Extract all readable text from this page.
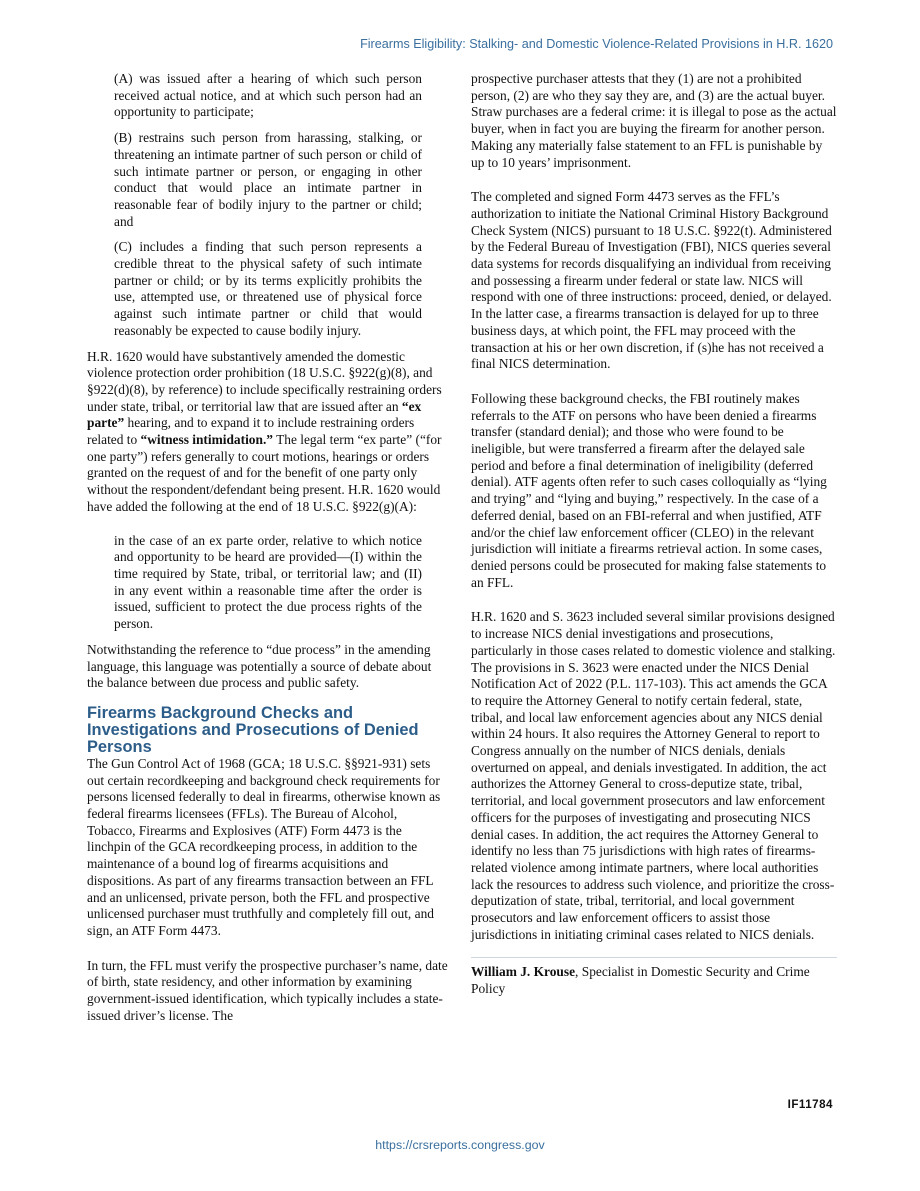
Firearms Eligibility: Stalking- and Domestic Violence-Related Provisions in H.R. 1620

(A) was issued after a hearing of which such person received actual notice, and at which such person had an opportunity to participate;

(B) restrains such person from harassing, stalking, or threatening an intimate partner of such person or child of such intimate partner or person, or engaging in other conduct that would place an intimate partner in reasonable fear of bodily injury to the partner or child; and

(C) includes a finding that such person represents a credible threat to the physical safety of such intimate partner or child; or by its terms explicitly prohibits the use, attempted use, or threatened use of physical force against such intimate partner or child that would reasonably be expected to cause bodily injury.

H.R. 1620 would have substantively amended the domestic violence protection order prohibition (18 U.S.C. §922(g)(8), and §922(d)(8), by reference) to include specifically restraining orders under state, tribal, or territorial law that are issued after an “ex parte” hearing, and to expand it to include restraining orders related to “witness intimidation.” The legal term “ex parte” (“for one party”) refers generally to court motions, hearings or orders granted on the request of and for the benefit of one party only without the respondent/defendant being present. H.R. 1620 would have added the following at the end of 18 U.S.C. §922(g)(A):

in the case of an ex parte order, relative to which notice and opportunity to be heard are provided—(I) within the time required by State, tribal, or territorial law; and (II) in any event within a reasonable time after the order is issued, sufficient to protect the due process rights of the person.

Notwithstanding the reference to “due process” in the amending language, this language was potentially a source of debate about the balance between due process and public safety.

Firearms Background Checks and Investigations and Prosecutions of Denied Persons

The Gun Control Act of 1968 (GCA; 18 U.S.C. §§921-931) sets out certain recordkeeping and background check requirements for persons licensed federally to deal in firearms, otherwise known as federal firearms licensees (FFLs). The Bureau of Alcohol, Tobacco, Firearms and Explosives (ATF) Form 4473 is the linchpin of the GCA recordkeeping process, in addition to the maintenance of a bound log of firearms acquisitions and dispositions. As part of any firearms transaction between an FFL and an unlicensed, private person, both the FFL and prospective unlicensed purchaser must truthfully and completely fill out, and sign, an ATF Form 4473.

In turn, the FFL must verify the prospective purchaser’s name, date of birth, state residency, and other information by examining government-issued identification, which typically includes a state-issued driver’s license. The

prospective purchaser attests that they (1) are not a prohibited person, (2) are who they say they are, and (3) are the actual buyer. Straw purchases are a federal crime: it is illegal to pose as the actual buyer, when in fact you are buying the firearm for another person. Making any materially false statement to an FFL is punishable by up to 10 years’ imprisonment.

The completed and signed Form 4473 serves as the FFL’s authorization to initiate the National Criminal History Background Check System (NICS) pursuant to 18 U.S.C. §922(t). Administered by the Federal Bureau of Investigation (FBI), NICS queries several data systems for records disqualifying an individual from receiving and possessing a firearm under federal or state law. NICS will respond with one of three instructions: proceed, denied, or delayed. In the latter case, a firearms transaction is delayed for up to three business days, at which point, the FFL may proceed with the transaction at his or her own discretion, if (s)he has not received a final NICS determination.

Following these background checks, the FBI routinely makes referrals to the ATF on persons who have been denied a firearms transfer (standard denial); and those who were found to be ineligible, but were transferred a firearm after the delayed sale period and before a final determination of ineligibility (deferred denial). ATF agents often refer to such cases colloquially as “lying and trying” and “lying and buying,” respectively. In the case of a deferred denial, based on an FBI-referral and when justified, ATF and/or the chief law enforcement officer (CLEO) in the relevant jurisdiction will initiate a firearms retrieval action. In some cases, denied persons could be prosecuted for making false statements to an FFL.

H.R. 1620 and S. 3623 included several similar provisions designed to increase NICS denial investigations and prosecutions, particularly in those cases related to domestic violence and stalking. The provisions in S. 3623 were enacted under the NICS Denial Notification Act of 2022 (P.L. 117-103). This act amends the GCA to require the Attorney General to notify certain federal, state, tribal, and local law enforcement agencies about any NICS denial within 24 hours. It also requires the Attorney General to report to Congress annually on the number of NICS denials, denials overturned on appeal, and denials investigated. In addition, the act authorizes the Attorney General to cross-deputize state, tribal, territorial, and local government prosecutors and law enforcement officers for the purposes of investigating and prosecuting NICS denial cases. In addition, the act requires the Attorney General to identify no less than 75 jurisdictions with high rates of firearms-related violence among intimate partners, where local authorities lack the resources to address such violence, and prioritize the cross-deputization of state, tribal, territorial, and local government prosecutors and law enforcement officers to assist those jurisdictions in initiating criminal cases related to NICS denials.

William J. Krouse, Specialist in Domestic Security and Crime Policy

IF11784
https://crsreports.congress.gov
